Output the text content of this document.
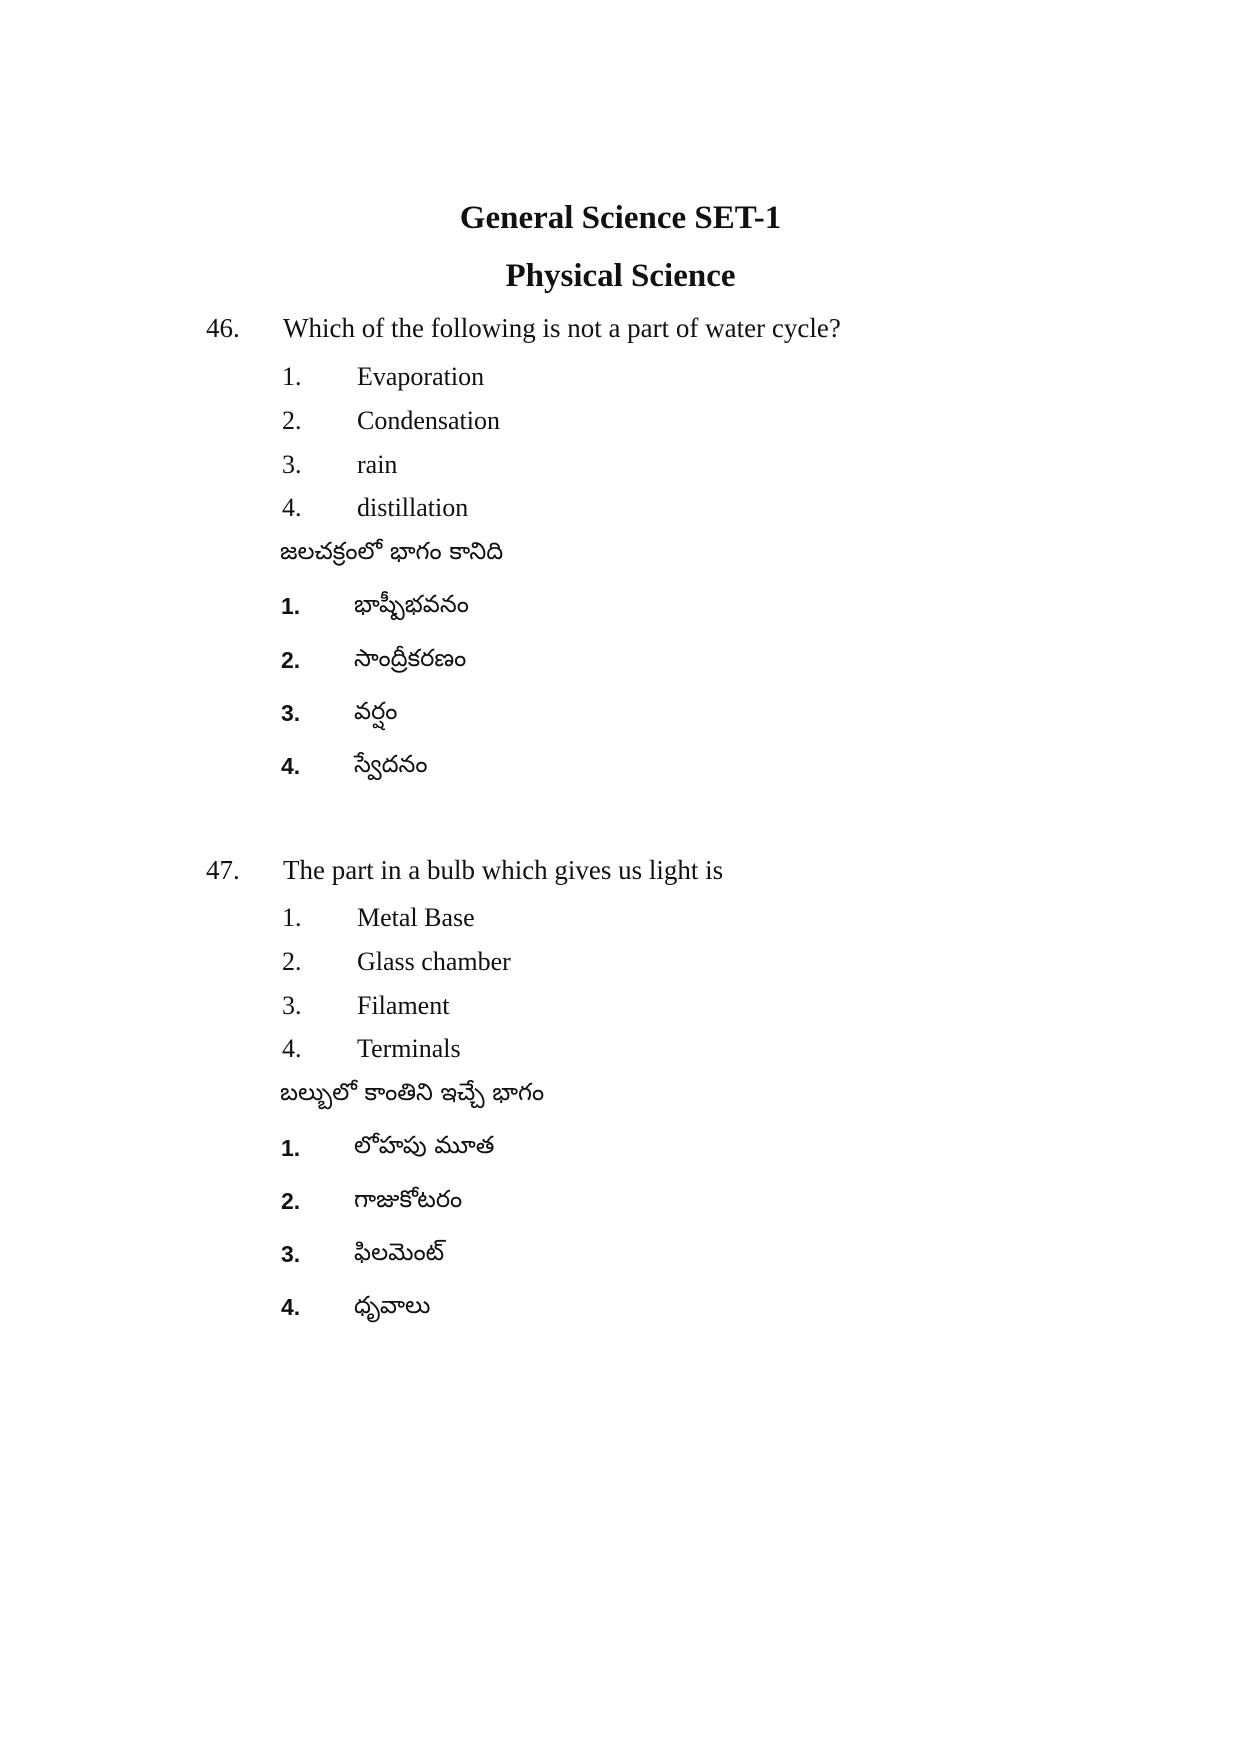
General Science SET-1
Physical Science
46. Which of the following is not a part of water cycle?
1. Evaporation
2. Condensation
3. rain
4. distillation
జలచక్రంలో భాగం కానిది
1. భాష్పీభవనం
2. సాంద్రీకరణం
3. వర్షం
4. స్వేదనం
47. The part in a bulb which gives us light is
1. Metal Base
2. Glass chamber
3. Filament
4. Terminals
బల్బులో కాంతిని ఇచ్చే భాగం
1. లోహపు మూత
2. గాజుకోటరం
3. ఫిలమెంట్
4. ధృవాలు
